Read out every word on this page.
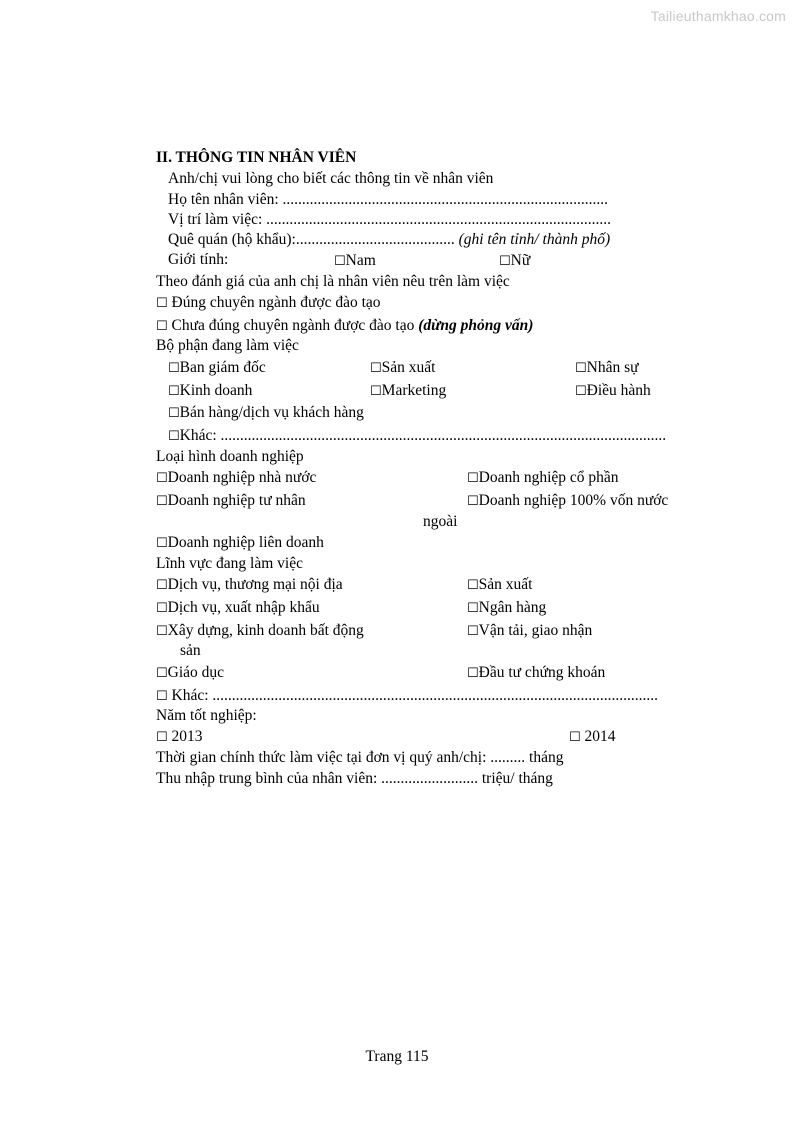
Tailieuthamkhao.com
II. THÔNG TIN NHÂN VIÊN
Anh/chị vui lòng cho biết các thông tin về nhân viên
Họ tên nhân viên: ....................................................................................
Vị trí làm việc: .........................................................................................
Quê quán (hộ khẩu):......................................... (ghi tên tỉnh/ thành phố)
Giới tính:	☐Nam	☐Nữ
Theo đánh giá của anh chị là nhân viên nêu trên làm việc
☐ Đúng chuyên ngành được đào tạo
☐ Chưa đúng chuyên ngành được đào tạo (dừng phỏng vấn)
Bộ phận đang làm việc
☐Ban giám đốc	☐Sản xuất	☐Nhân sự
☐Kinh doanh	☐Marketing	☐Điều hành
☐Bán hàng/dịch vụ khách hàng
☐Khác: ...................................................................................................................
Loại hình doanh nghiệp
☐Doanh nghiệp nhà nước	☐Doanh nghiệp cổ phần
☐Doanh nghiệp tư nhân	☐Doanh nghiệp 100% vốn nước
ngoài
☐Doanh nghiệp liên doanh
Lĩnh vực đang làm việc
☐Dịch vụ, thương mại nội địa	☐Sản xuất
☐Dịch vụ, xuất nhập khẩu	☐Ngân hàng
☐Xây dựng, kinh doanh bất động	☐Vận tải, giao nhận
sản
☐Giáo dục	☐Đầu tư chứng khoán
☐ Khác: ...................................................................................................................
Năm tốt nghiệp:
☐ 2013	☐ 2014
Thời gian chính thức làm việc tại đơn vị quý anh/chị: ......... tháng
Thu nhập trung bình của nhân viên: ......................... triệu/ tháng
Trang 115
